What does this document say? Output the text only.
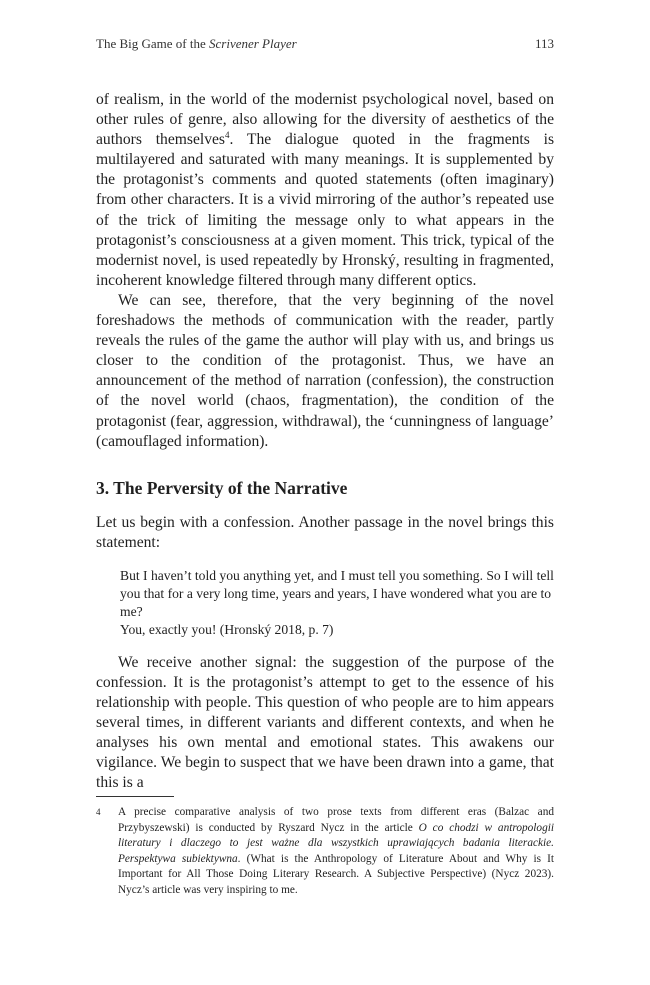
The Big Game of the Scrivener Player	113

of realism, in the world of the modernist psychological novel, based on other rules of genre, also allowing for the diversity of aesthetics of the authors themselves$^4$. The dialogue quoted in the fragments is multilayered and saturated with many meanings. It is supplemented by the protagonist’s comments and quoted statements (often imaginary) from other characters. It is a vivid mirroring of the author’s repeated use of the trick of limiting the message only to what appears in the protagonist’s consciousness at a given moment. This trick, typical of the modernist novel, is used repeatedly by Hronský, resulting in fragmented, incoherent knowledge filtered through many different optics.

We can see, therefore, that the very beginning of the novel foreshadows the methods of communication with the reader, partly reveals the rules of the game the author will play with us, and brings us closer to the condition of the protagonist. Thus, we have an announcement of the method of narration (confession), the construction of the novel world (chaos, fragmentation), the condition of the protagonist (fear, aggression, withdrawal), the ‘cunningness of language’ (camouflaged information).

3. The Perversity of the Narrative

Let us begin with a confession. Another passage in the novel brings this statement:

But I haven’t told you anything yet, and I must tell you something. So I will tell you that for a very long time, years and years, I have wondered what you are to me?

You, exactly you! (Hronský 2018, p. 7)

We receive another signal: the suggestion of the purpose of the confession. It is the protagonist’s attempt to get to the essence of his relationship with people. This question of who people are to him appears several times, in different variants and different contexts, and when he analyses his own mental and emotional states. This awakens our vigilance. We begin to suspect that we have been drawn into a game, that this is a

4 A precise comparative analysis of two prose texts from different eras (Balzac and Przybyszewski) is conducted by Ryszard Nycz in the article O co chodzi w antropologii literatury i dlaczego to jest ważne dla wszystkich uprawiających badania literackie. Perspektywa subiektywna. (What is the Anthropology of Literature About and Why is It Important for All Those Doing Literary Research. A Subjective Perspective) (Nycz 2023). Nycz’s article was very inspiring to me.
